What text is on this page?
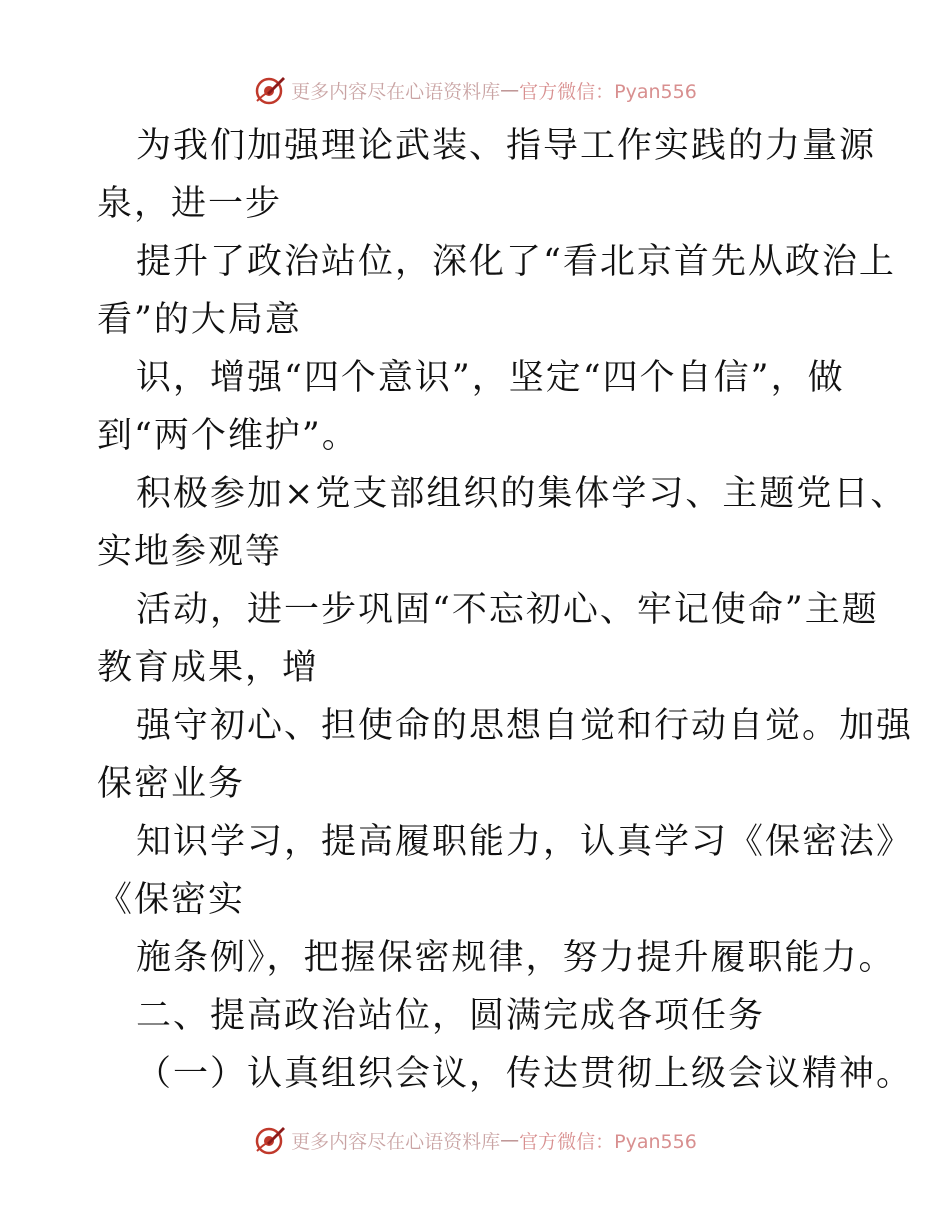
更多内容尽在心语资料库 — 官方微信：Pyan556
为我们加强理论武装、指导工作实践的力量源
泉，进一步
提升了政治站位，深化了“看北京首先从政治上
看”的大局意
识，增强“四个意识”，坚定“四个自信”，做
到“两个维护”。
积极参加×党支部组织的集体学习、主题党日、
实地参观等
活动，进一步巩固“不忘初心、牢记使命”主题
教育成果，增
强守初心、担使命的思想自觉和行动自觉。加强
保密业务
知识学习，提高履职能力，认真学习《保密法》
《保密实
施条例》，把握保密规律，努力提升履职能力。
二、提高政治站位，圆满完成各项任务
（一）认真组织会议，传达贯彻上级会议精神。
更多内容尽在心语资料库 — 官方微信：Pyan556
